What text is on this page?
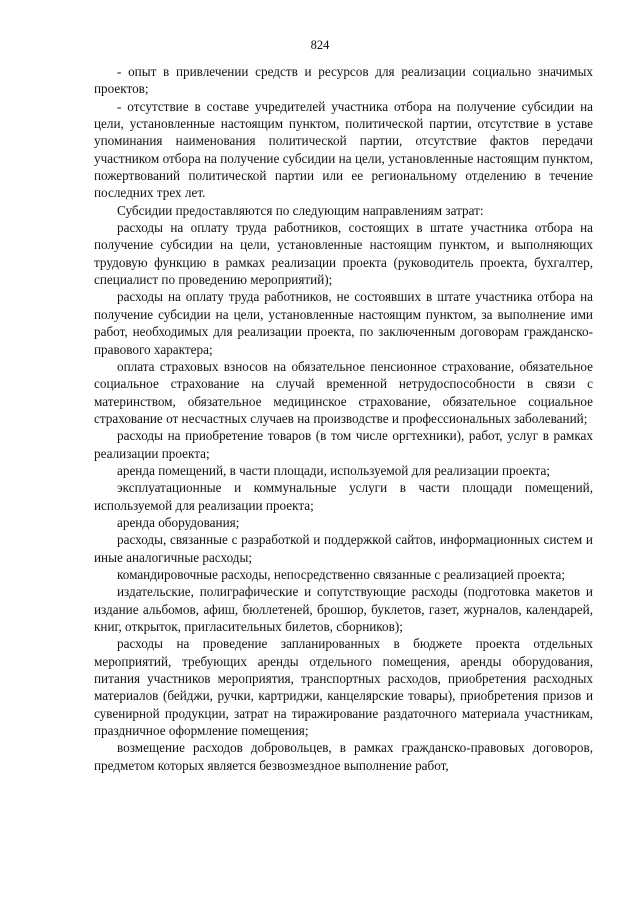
824

- опыт в привлечении средств и ресурсов для реализации социально значимых проектов;

- отсутствие в составе учредителей участника отбора на получение субсидии на цели, установленные настоящим пунктом, политической партии, отсутствие в уставе упоминания наименования политической партии, отсутствие фактов передачи участником отбора на получение субсидии на цели, установленные настоящим пунктом, пожертвований политической партии или ее региональному отделению в течение последних трех лет.

Субсидии предоставляются по следующим направлениям затрат:

расходы на оплату труда работников, состоящих в штате участника отбора на получение субсидии на цели, установленные настоящим пунктом, и выполняющих трудовую функцию в рамках реализации проекта (руководитель проекта, бухгалтер, специалист по проведению мероприятий);

расходы на оплату труда работников, не состоявших в штате участника отбора на получение субсидии на цели, установленные настоящим пунктом, за выполнение ими работ, необходимых для реализации проекта, по заключенным договорам гражданско-правового характера;

оплата страховых взносов на обязательное пенсионное страхование, обязательное социальное страхование на случай временной нетрудоспособности в связи с материнством, обязательное медицинское страхование, обязательное социальное страхование от несчастных случаев на производстве и профессиональных заболеваний;

расходы на приобретение товаров (в том числе оргтехники), работ, услуг в рамках реализации проекта;

аренда помещений, в части площади, используемой для реализации проекта;

эксплуатационные и коммунальные услуги в части площади помещений, используемой для реализации проекта;

аренда оборудования;

расходы, связанные с разработкой и поддержкой сайтов, информационных систем и иные аналогичные расходы;

командировочные расходы, непосредственно связанные с реализацией проекта;

издательские, полиграфические и сопутствующие расходы (подготовка макетов и издание альбомов, афиш, бюллетеней, брошюр, буклетов, газет, журналов, календарей, книг, открыток, пригласительных билетов, сборников);

расходы на проведение запланированных в бюджете проекта отдельных мероприятий, требующих аренды отдельного помещения, аренды оборудования, питания участников мероприятия, транспортных расходов, приобретения расходных материалов (бейджи, ручки, картриджи, канцелярские товары), приобретения призов и сувенирной продукции, затрат на тиражирование раздаточного материала участникам, праздничное оформление помещения;

возмещение расходов добровольцев, в рамках гражданско-правовых договоров, предметом которых является безвозмездное выполнение работ,
